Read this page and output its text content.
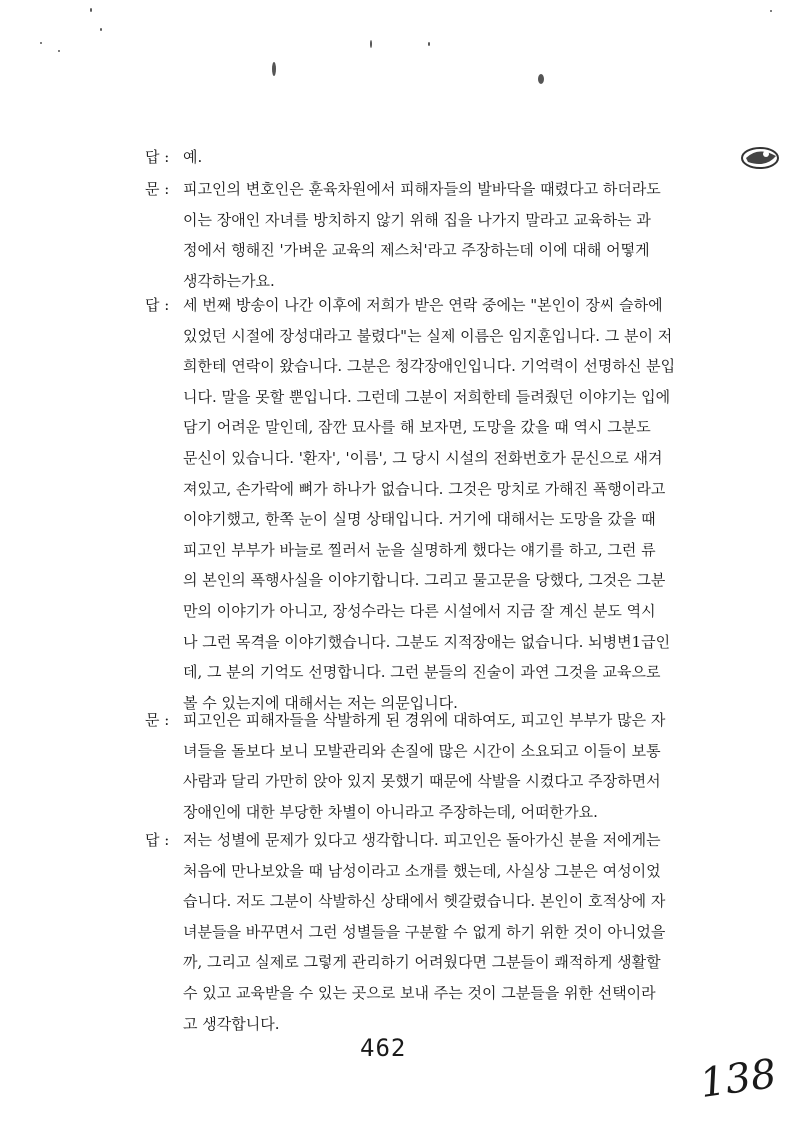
답 : 예.
문 : 피고인의 변호인은 훈육차원에서 피해자들의 발바닥을 때렸다고 하더라도
이는 장애인 자녀를 방치하지 않기 위해 집을 나가지 말라고 교육하는 과
정에서 행해진 '가벼운 교육의 제스처'라고 주장하는데 이에 대해 어떻게
생각하는가요.
답 : 세 번째 방송이 나간 이후에 저희가 받은 연락 중에는 "본인이 장씨 슬하에
있었던 시절에 장성대라고 불렸다"는 실제 이름은 임지훈입니다. 그 분이 저
희한테 연락이 왔습니다. 그분은 청각장애인입니다. 기억력이 선명하신 분입
니다. 말을 못할 뿐입니다. 그런데 그분이 저희한테 들려줬던 이야기는 입에
담기 어려운 말인데, 잠깐 묘사를 해 보자면, 도망을 갔을 때 역시 그분도
문신이 있습니다. '환자', '이름', 그 당시 시설의 전화번호가 문신으로 새겨
져있고, 손가락에 뼈가 하나가 없습니다. 그것은 망치로 가해진 폭행이라고
이야기했고, 한쪽 눈이 실명 상태입니다. 거기에 대해서는 도망을 갔을 때
피고인 부부가 바늘로 찔러서 눈을 실명하게 했다는 얘기를 하고, 그런 류
의 본인의 폭행사실을 이야기합니다. 그리고 물고문을 당했다, 그것은 그분
만의 이야기가 아니고, 장성수라는 다른 시설에서 지금 잘 계신 분도 역시
나 그런 목격을 이야기했습니다. 그분도 지적장애는 없습니다. 뇌병변1급인
데, 그 분의 기억도 선명합니다. 그런 분들의 진술이 과연 그것을 교육으로
볼 수 있는지에 대해서는 저는 의문입니다.
문 : 피고인은 피해자들을 삭발하게 된 경위에 대하여도, 피고인 부부가 많은 자
녀들을 돌보다 보니 모발관리와 손질에 많은 시간이 소요되고 이들이 보통
사람과 달리 가만히 앉아 있지 못했기 때문에 삭발을 시켰다고 주장하면서
장애인에 대한 부당한 차별이 아니라고 주장하는데, 어떠한가요.
답 : 저는 성별에 문제가 있다고 생각합니다. 피고인은 돌아가신 분을 저에게는
처음에 만나보았을 때 남성이라고 소개를 했는데, 사실상 그분은 여성이었
습니다. 저도 그분이 삭발하신 상태에서 헷갈렸습니다. 본인이 호적상에 자
녀분들을 바꾸면서 그런 성별들을 구분할 수 없게 하기 위한 것이 아니었을
까, 그리고 실제로 그렇게 관리하기 어려웠다면 그분들이 쾌적하게 생활할
수 있고 교육받을 수 있는 곳으로 보내 주는 것이 그분들을 위한 선택이라
고 생각합니다.
462
138
